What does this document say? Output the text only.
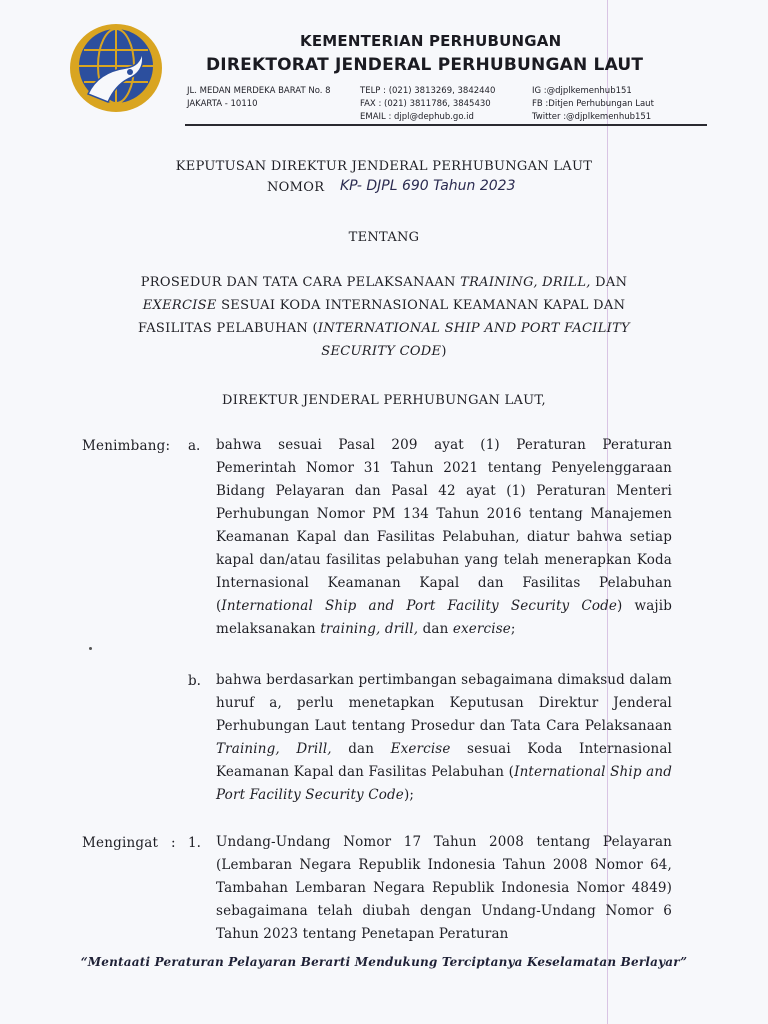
KEMENTERIAN PERHUBUNGAN
DIREKTORAT JENDERAL PERHUBUNGAN LAUT
JL. MEDAN MERDEKA BARAT No. 8
JAKARTA - 10110
TELP : (021) 3813269, 3842440
FAX : (021) 3811786, 3845430
EMAIL : djpl@dephub.go.id
IG :@djplkemenhub151
FB :Ditjen Perhubungan Laut
Twitter :@djplkemenhub151
KEPUTUSAN DIREKTUR JENDERAL PERHUBUNGAN LAUT
NOMOR KP- DJPL 690 Tahun 2023
TENTANG
PROSEDUR DAN TATA CARA PELAKSANAAN TRAINING, DRILL, DAN
EXERCISE SESUAI KODA INTERNASIONAL KEAMANAN KAPAL DAN
FASILITAS PELABUHAN (INTERNATIONAL SHIP AND PORT FACILITY
SECURITY CODE)
DIREKTUR JENDERAL PERHUBUNGAN LAUT,
Menimbang: a. bahwa sesuai Pasal 209 ayat (1) Peraturan Peraturan Pemerintah Nomor 31 Tahun 2021 tentang Penyelenggaraan Bidang Pelayaran dan Pasal 42 ayat (1) Peraturan Menteri Perhubungan Nomor PM 134 Tahun 2016 tentang Manajemen Keamanan Kapal dan Fasilitas Pelabuhan, diatur bahwa setiap kapal dan/atau fasilitas pelabuhan yang telah menerapkan Koda Internasional Keamanan Kapal dan Fasilitas Pelabuhan (International Ship and Port Facility Security Code) wajib melaksanakan training, drill, dan exercise;
b. bahwa berdasarkan pertimbangan sebagaimana dimaksud dalam huruf a, perlu menetapkan Keputusan Direktur Jenderal Perhubungan Laut tentang Prosedur dan Tata Cara Pelaksanaan Training, Drill, dan Exercise sesuai Koda Internasional Keamanan Kapal dan Fasilitas Pelabuhan (International Ship and Port Facility Security Code);
Mengingat : 1. Undang-Undang Nomor 17 Tahun 2008 tentang Pelayaran (Lembaran Negara Republik Indonesia Tahun 2008 Nomor 64, Tambahan Lembaran Negara Republik Indonesia Nomor 4849) sebagaimana telah diubah dengan Undang-Undang Nomor 6 Tahun 2023 tentang Penetapan Peraturan
“Mentaati Peraturan Pelayaran Berarti Mendukung Terciptanya Keselamatan Berlayar”
